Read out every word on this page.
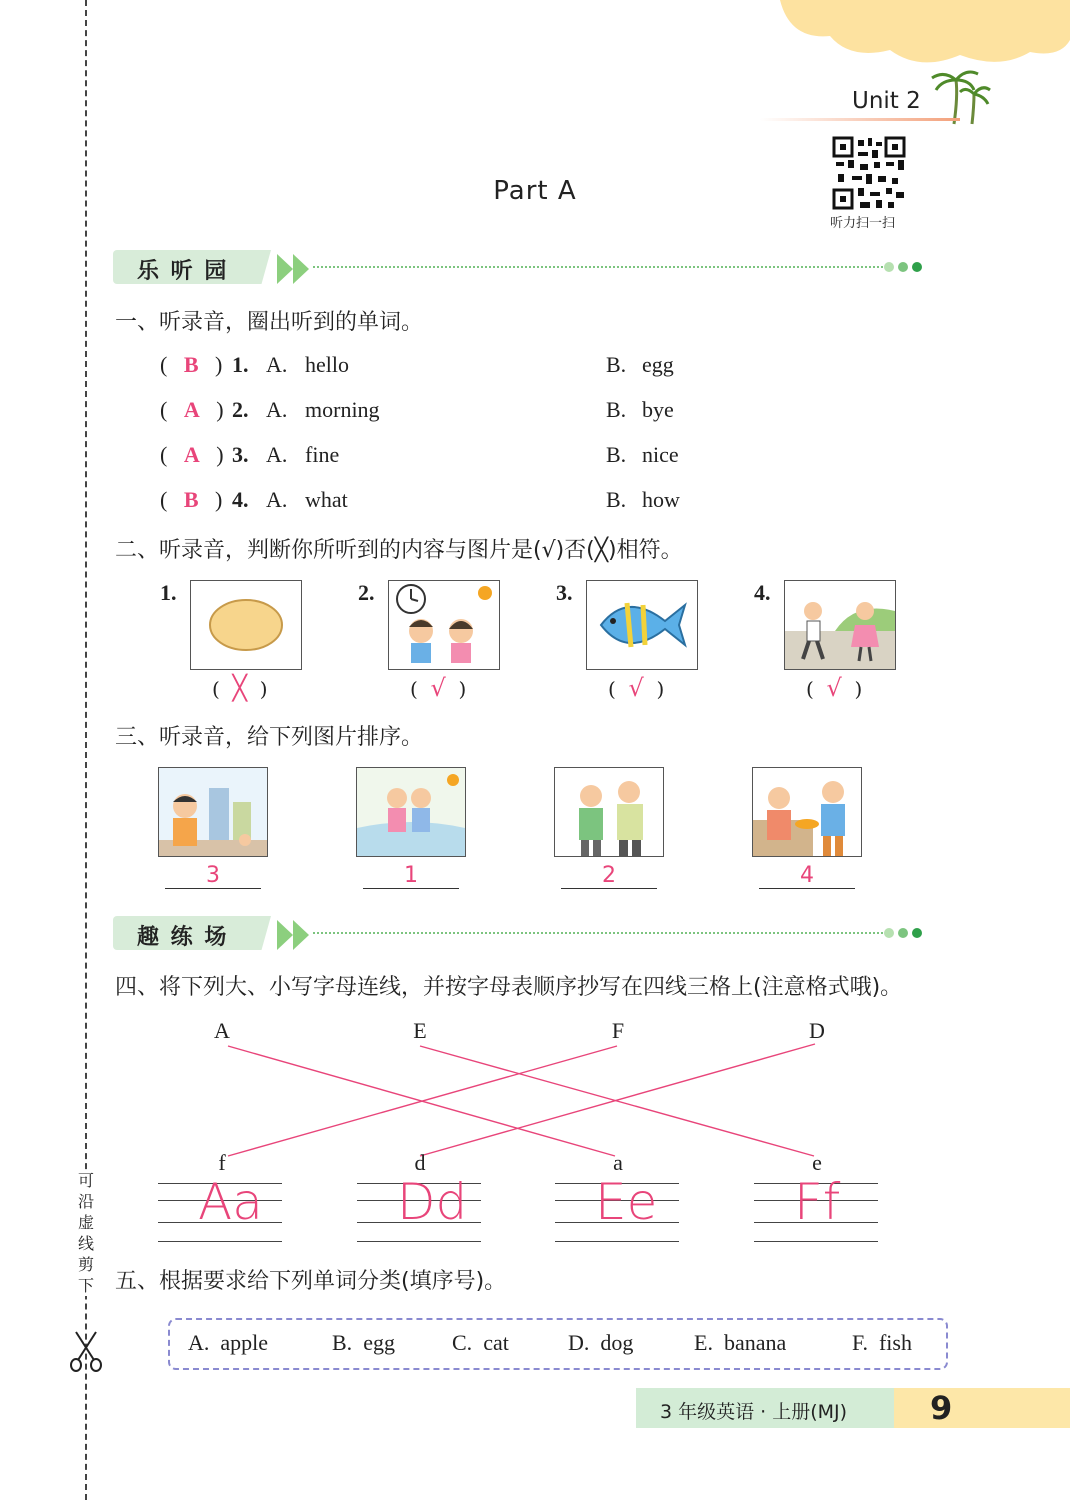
可沿虚线剪下
Unit 2
听力扫一扫
Part A
乐 听 园
一、听录音，圈出听到的单词。
(   B   ) 1. A. hello	B. egg
(   A   ) 2. A. morning	B. bye
(   A   ) 3. A. fine	B. nice
(   B   ) 4. A. what	B. how
二、听录音，判断你所听到的内容与图片是(√)否(╳)相符。
1.
(  ╳  )
2.
(  √  )
3.
(  √  )
4.
(  √  )
三、听录音，给下列图片排序。
3	1	2	4
趣 练 场
四、将下列大、小写字母连线，并按字母表顺序抄写在四线三格上(注意格式哦)。
A	E	F	D
f	d	a	e
Aa	Dd	Ee	Ff
五、根据要求给下列单词分类(填序号)。
A. apple	B. egg	C. cat	D. dog	E. banana	F. fish
3 年级英语 · 上册(MJ)	9
